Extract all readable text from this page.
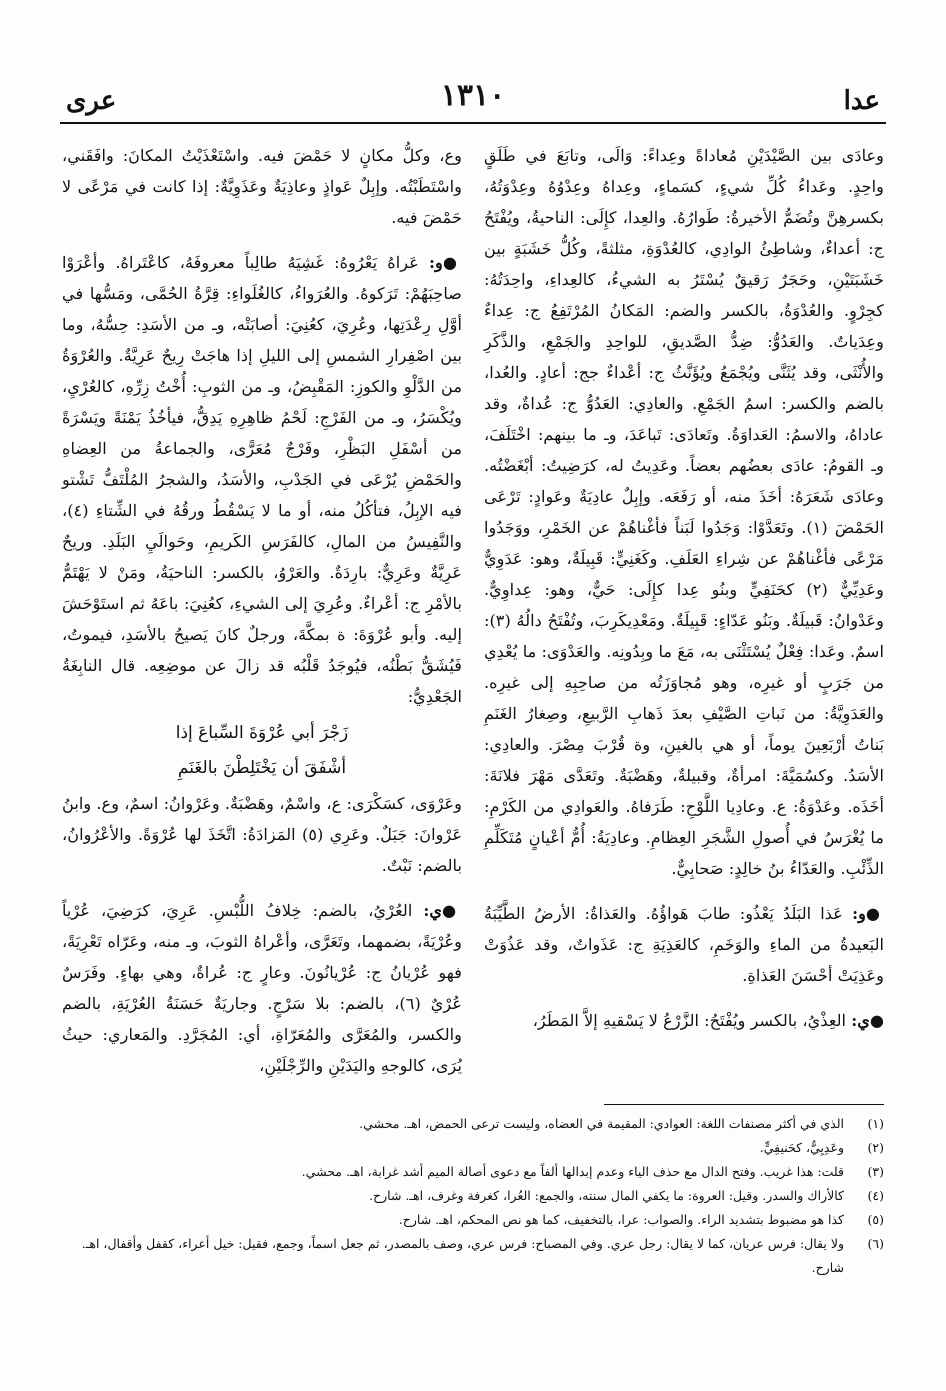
عدا
١٣١٠
عرى

وعادَى بين الصَّيْدَيْنِ مُعاداةً وعِداءً: وَالَى، وتابَعَ في طَلَقٍ واحِدٍ. وعَداءُ كُلِّ شيءٍ، كسَماءٍ، وعِداهُ وعِدْوُهُ وعِدْوَتُهُ، بكسرهِنَّ وتُضَمُّ الأخيرةُ: طَوارُهُ. والعِدا، كإِلَى: الناحيةُ، ويُفْتَحُ ج: أعداءٌ، وشاطِئُ الوادِي، كالعُدْوَةِ، مثلثةً، وكُلُّ خَشَبَةٍ بين خَشَبَتَيْنِ، وحَجَرٌ رَقيقٌ يُسْتَرُ به الشيءُ، كالعِداءِ، واحِدَتُهُ: كجِرْوٍ. والعُدْوَةُ، بالكسر والضم: المَكانُ المُرْتَفِعُ ج: عِداءٌ وعِدَياتٌ. والعَدُوُّ: ضِدُّ الصَّديقِ، للواحِدِ والجَمْعِ، والذَّكَرِ والأُنْثَى، وقد يُثَنَّى ويُجْمَعُ ويُؤَنَّثُ ج: أعْداءٌ جج: أعادٍ. والعُدا، بالضم والكسر: اسمُ الجَمْعِ. والعادِي: العَدُوُّ ج: عُداةٌ، وقد عاداهُ، والاسمُ: العَداوَةُ. وتَعادَى: تَباعَدَ، وـ ما بينهم: اخْتَلَفَ، وـ القومُ: عادَى بعضُهم بعضاً. وعَدِيتُ له، كرَضِيتُ: أبْغَضْتُه. وعادَى شَعَرَهُ: أخَذَ منه، أو رَفَعَه. وإبِلٌ عادِيَةٌ وعَوادٍ: تَرْعَى الحَمْضَ (١). وتَعَدَّوْا: وَجَدُوا لَبَناً فأغْناهُمْ عن الخَمْرِ، ووَجَدُوا مَرْعًى فأغْناهُمْ عن شِراءِ العَلَفِ. وكَغَنِيٍّ: قَبِيلَةٌ، وهو: عَدَوِيٌّ وعَدِيِّيٌّ (٢) كحَنَفِيٍّ وبنُو عِدا كإِلَى: حَيٌّ، وهو: عِداوِيٌّ. وعَدْوانُ: قَبيلَةٌ. وبَنُو عَدّاءٍ: قَبِيلَةٌ. ومَعْدِيكَرِبَ، وتُفْتَحُ دالُهُ (٣): اسمٌ. وعَدا: فِعْلٌ يُسْتَثْنَى به، مَعَ ما وبِدُونِه. والعَدْوَى: ما يُعْدِي من جَرَبٍ أو غيرِه، وهو مُجاوَزَتُه من صاحِبِهِ إلى غيرِه. والعَدَوِيَّةُ: من نَباتِ الصَّيْفِ بعدَ ذَهابِ الرَّبيعِ، وصِغارُ الغَنَمِ بَناتُ أرْبَعِينَ يوماً، أو هي بالغينِ، وة قُرْبَ مِصْرَ. والعادِي: الأسَدُ. وكسُمَيَّةَ: امرأةٌ، وقبيلةٌ، وهَضْبَةٌ. وتَعَدَّى مَهْرَ فلانَةَ: أخَذَه. وعَدْوَةُ: ع. وعادِيا اللَّوْحِ: طَرَفاهُ. والعَوادِي من الكَرْمِ: ما يُغْرَسُ في أُصولِ الشَّجَرِ العِظامِ. وعادِيَةُ: أُمُّ أعْيانٍ مُتَكَلِّمِ الذِّئْبِ. والعَدّاءُ بنُ خالِدٍ: صَحابِيٌّ.

●و: عَذا البَلَدُ يَعْذُو: طابَ هَواؤُهُ. والعَذاةُ: الأرضُ الطَّيِّبَةُ البَعيدةُ من الماءِ والوَخَمِ، كالعَذِيَةِ ج: عَذَواتٌ، وقد عَذُوَتْ وعَذِيَتْ أحْسَنَ العَذاةِ.

●ي: العِذْيُ، بالكسر ويُفْتَحُ: الزَّرْعُ لا يَسْقيهِ إلاَّ المَطَرُ،

وع، وكلُّ مكانٍ لا حَمْضَ فيه. واسْتَعْذَيْتُ المكانَ: وافَقَني، واسْتَطَبْتُه. وإبِلٌ عَواذٍ وعاذِيَةٌ وعَذَوِيَّةٌ: إذا كانت في مَرْعًى لا حَمْضَ فيه.

●و: عَراهُ يَعْرُوهُ: غَشِيَهُ طالِباً معروفَهُ، كاعْتَراهُ. وأعْرَوْا صاحِبَهُمْ: تَرَكوهُ. والعُرَواءُ، كالغُلَواءِ: قِرَّةُ الحُمَّى، ومَسُّها في أوَّلِ رِعْدَتِها، وعُرِيَ، كعُنِيَ: أصابَتْه، وـ من الأسَدِ: حِسُّهُ، وما بين اصْفِرارِ الشمسِ إلى الليلِ إذا هاجَتْ رِيحٌ عَرِيَّةٌ. والعُرْوَةُ من الدَّلْوِ والكوزِ: المَقْبِضُ، وـ من الثوبِ: أُخْتُ زِرِّهِ، كالعُرْيِ، ويُكْسَرُ، وـ من الفَرْجِ: لَحْمُ ظاهِرِهِ يَدِقُّ، فيأخُذُ يَمْنَةً ويَسْرَةً من أسْفَلِ البَظْرِ، وفَرْجٌ مُعَرًّى، والجماعةُ من العِضاهِ والحَمْضِ يُرْعَى في الجَدْبِ، والأسَدُ، والشجرُ المُلْتَفُّ تَشْتو فيه الإبِلُ، فتأكُلُ منه، أو ما لا يَسْقُطُ ورقُهُ في الشِّتاءِ (٤)، والنَّفِيسُ من المالِ، كالفَرَسِ الكَريمِ، وحَوالَيِ البَلَدِ. وريحٌ عَرِيَّةٌ وعَرِيٌّ: بارِدَةٌ. والعَرْوُ، بالكسر: الناحيَةُ، ومَنْ لا يَهْتَمُّ بالأمْرِ ج: أعْراءٌ. وعُرِيَ إلى الشيءِ، كعُنِيَ: باعَهُ ثم استَوْحَشَ إليه. وأبو عُرْوَةَ: ة بمكَّةَ، ورجلٌ كانَ يَصيحُ بالأسَدِ، فيموتُ، فَيُشَقُّ بَطْنُه، فيُوجَدُ قَلْبُه قد زالَ عن موضِعِه. قال النابِغَةُ الجَعْدِيُّ:

زَجْرَ أبي عُرْوَةَ السِّباعَ إذا

أشْفَقَ أن يَخْتَلِطْنَ بالغَنَمِ

وعَرْوَى، كسَكْرَى: ع، واسْمٌ، وهَضْبَةٌ. وعَرْوانُ: اسمٌ، وع. وابنُ عَرْوانَ: جَبَلٌ. وعَرِي (٥) المَزادَةُ: اتَّخَذَ لها عُرْوَةً. والأعْرُوانُ، بالضم: نَبْتٌ.

●ي: العُرْيُ، بالضم: خِلافُ اللُّبْسِ. عَرِيَ، كرَضِيَ، عُرْياً وعُرْيَةً، بضمهما، وتَعَرَّى، وأعْراهُ الثوبَ، وـ منه، وعَرّاه تَعْرِيَةً، فهو عُرْيانُ ج: عُرْيانُونَ. وعارٍ ج: عُراةٌ، وهي بهاءٍ. وفَرَسٌ عُرْيٌ (٦)، بالضم: بلا سَرْجٍ. وجاريَةٌ حَسَنَةُ العُرْيَةِ، بالضم والكسر، والمُعَرَّى والمُعَرّاةِ، أي: المُجَرَّدِ. والمَعاري: حيثُ يُرَى، كالوجهِ واليَدَيْنِ والرِّجْلَيْنِ،

(١)
الذي في أكثر مصنفات اللغة: العوادي: المقيمة في العضاه، وليست ترعى الحمض، اهـ. محشي.
(٢)
وعَدِيِيٌّ، كحَنيفِيٍّ.
(٣)
قلت: هذا غريب. وفتح الدال مع حذف الياء وعدم إبدالها ألفاً مع دعوى أصالة الميم أشد غرابة، اهـ. محشي.
(٤)
كالأراك والسدر. وقيل: العروة: ما يكفي المال سنته، والجمع: العُرا، كغرفة وغرف، اهـ. شارح.
(٥)
كذا هو مضبوط بتشديد الراء. والصواب: عرا، بالتخفيف، كما هو نص المحكم، اهـ. شارح.
(٦)
ولا يقال: فرس عريان، كما لا يقال: رجل عري. وفي المصباح: فرس عري، وصف بالمصدر، ثم جعل اسماً، وجمع، فقيل: خيل أعراء، كقفل وأقفال، اهـ. شارح.
